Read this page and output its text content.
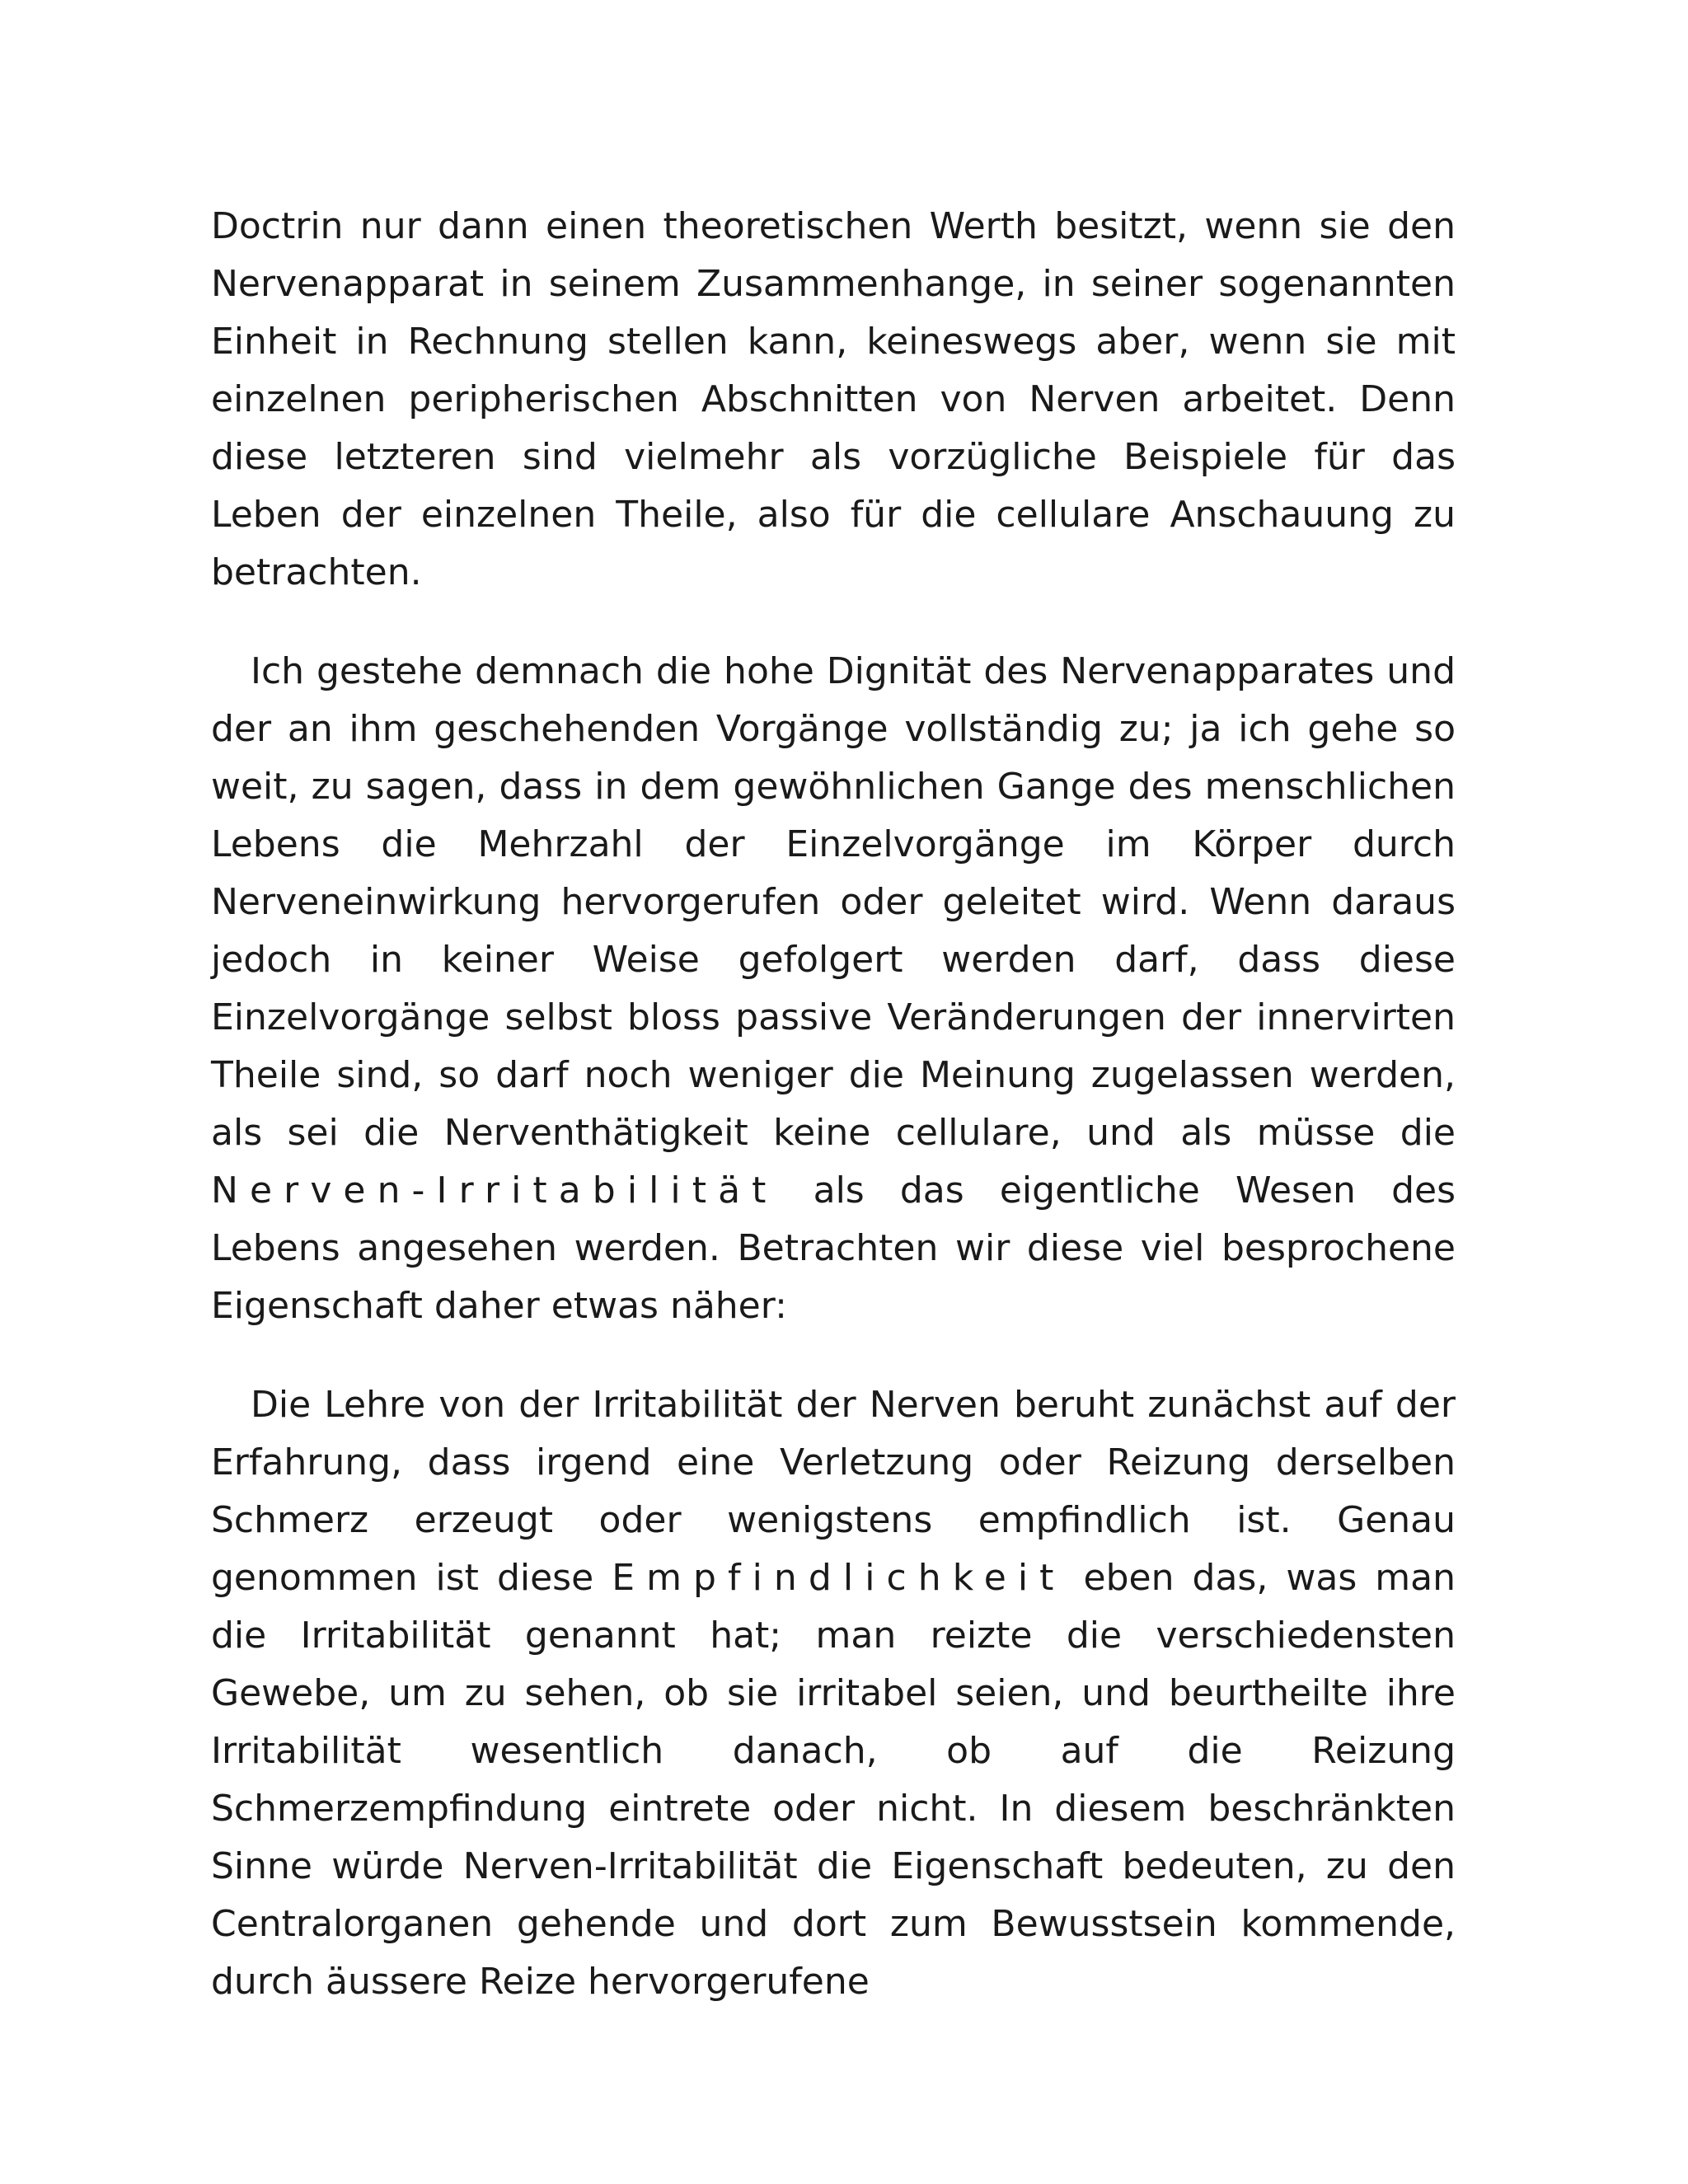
Doctrin nur dann einen theoretischen Werth besitzt, wenn sie den Nervenapparat in seinem Zusammenhange, in seiner sogenannten Einheit in Rechnung stellen kann, keineswegs aber, wenn sie mit einzelnen peripherischen Abschnitten von Nerven arbeitet. Denn diese letzteren sind vielmehr als vorzügliche Beispiele für das Leben der einzelnen Theile, also für die cellulare Anschauung zu betrachten.

Ich gestehe demnach die hohe Dignität des Nervenapparates und der an ihm geschehenden Vorgänge vollständig zu; ja ich gehe so weit, zu sagen, dass in dem gewöhnlichen Gange des menschlichen Lebens die Mehrzahl der Einzelvorgänge im Körper durch Nerveneinwirkung hervorgerufen oder geleitet wird. Wenn daraus jedoch in keiner Weise gefolgert werden darf, dass diese Einzelvorgänge selbst bloss passive Veränderungen der innervirten Theile sind, so darf noch weniger die Meinung zugelassen werden, als sei die Nerventhätigkeit keine cellulare, und als müsse die Nerven-Irritabilität als das eigentliche Wesen des Lebens angesehen werden. Betrachten wir diese viel besprochene Eigenschaft daher etwas näher:

Die Lehre von der Irritabilität der Nerven beruht zunächst auf der Erfahrung, dass irgend eine Verletzung oder Reizung derselben Schmerz erzeugt oder wenigstens empfindlich ist. Genau genommen ist diese Empfindlichkeit eben das, was man die Irritabilität genannt hat; man reizte die verschiedensten Gewebe, um zu sehen, ob sie irritabel seien, und beurtheilte ihre Irritabilität wesentlich danach, ob auf die Reizung Schmerzempfindung eintrete oder nicht. In diesem beschränkten Sinne würde Nerven-Irritabilität die Eigenschaft bedeuten, zu den Centralorganen gehende und dort zum Bewusstsein kommende, durch äussere Reize hervorgerufene
